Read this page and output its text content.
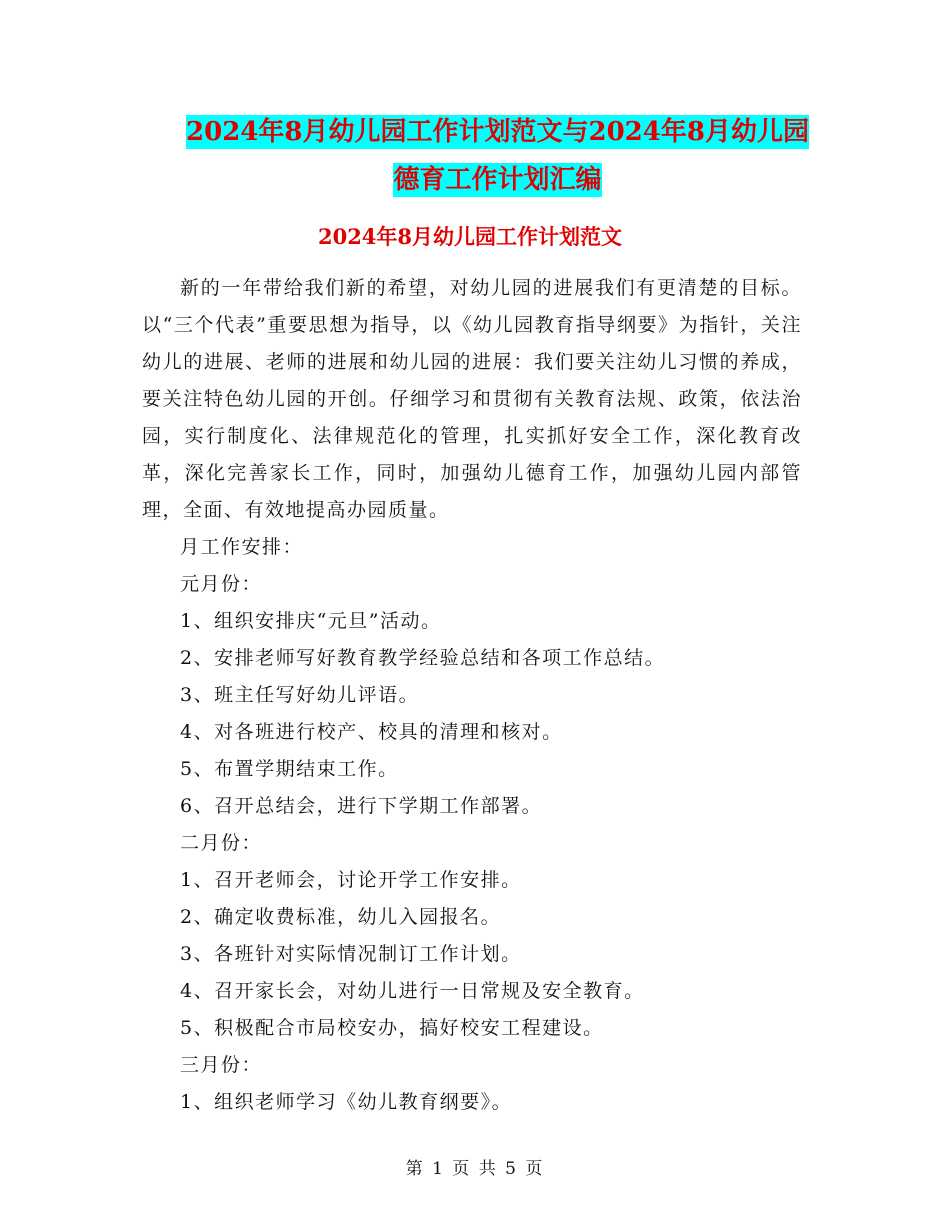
2024年8月幼儿园工作计划范文与2024年8月幼儿园
德育工作计划汇编
2024年8月幼儿园工作计划范文

新的一年带给我们新的希望，对幼儿园的进展我们有更清楚的目标。以“三个代表”重要思想为指导，以《幼儿园教育指导纲要》为指针，关注幼儿的进展、老师的进展和幼儿园的进展：我们要关注幼儿习惯的养成，要关注特色幼儿园的开创。仔细学习和贯彻有关教育法规、政策，依法治园，实行制度化、法律规范化的管理，扎实抓好安全工作，深化教育改革，深化完善家长工作，同时，加强幼儿德育工作，加强幼儿园内部管理，全面、有效地提高办园质量。

月工作安排：

元月份：

1、组织安排庆“元旦”活动。

2、安排老师写好教育教学经验总结和各项工作总结。

3、班主任写好幼儿评语。

4、对各班进行校产、校具的清理和核对。

5、布置学期结束工作。

6、召开总结会，进行下学期工作部署。

二月份：

1、召开老师会，讨论开学工作安排。

2、确定收费标准，幼儿入园报名。

3、各班针对实际情况制订工作计划。

4、召开家长会，对幼儿进行一日常规及安全教育。

5、积极配合市局校安办，搞好校安工程建设。

三月份：

1、组织老师学习《幼儿教育纲要》。

第 1 页 共 5 页
